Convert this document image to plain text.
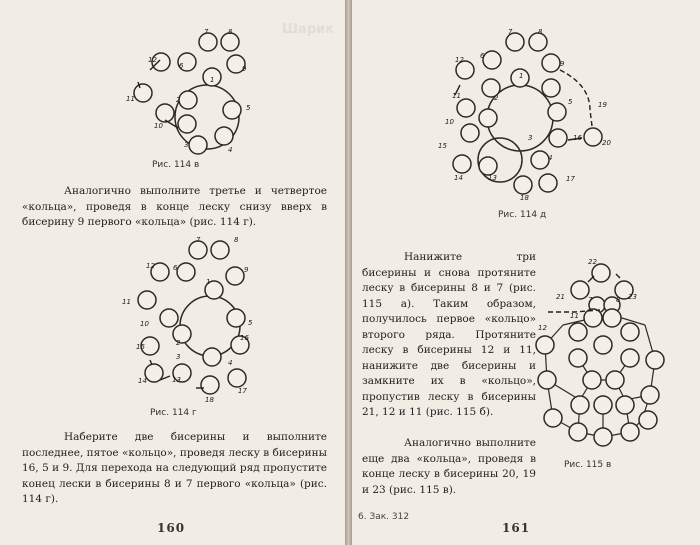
12
6
7	8
9
1
2
11
10
5
4
3
Рис. 114 в
Аналогично выполните третье и четвертое «кольца», проведя в конце леску снизу вверх в бисерину 9 первого «кольца» (рис. 114 г).
12	6
7	8
9
1
11
10
2
5
16
4
3
15
14	13
18
17
Рис. 114 г
Наберите две бисерины и выполните последнее, пятое «кольцо», проведя леску в бисерины 16, 5 и 9. Для перехода на следующий ряд пропустите конец лески в бисерины 8 и 7 первого «кольца» (рис. 114 г).
160
Шарик
12 6
7	8
9
1
11	2
10
5	19
16
20
15
3
4
14	13	17
18
Рис. 114 д
Нанижите три бисерины и снова протяните леску в бисерины 8 и 7 (рис. 115 а). Таким образом, получилось первое «кольцо» второго ряда. Протяните леску в бисерины 12 и 11, нанижите две бисерины и замкните их в «кольцо», пропустив леску в бисерины 21, 12 и 11 (рис. 115 б).
Аналогично выполните еще два «кольца», проведя в конце леску в бисерины 20, 19 и 23 (рис. 115 в).
21
22
23
7	8
12
11
Рис. 115 в
6. Зак. 312
161
